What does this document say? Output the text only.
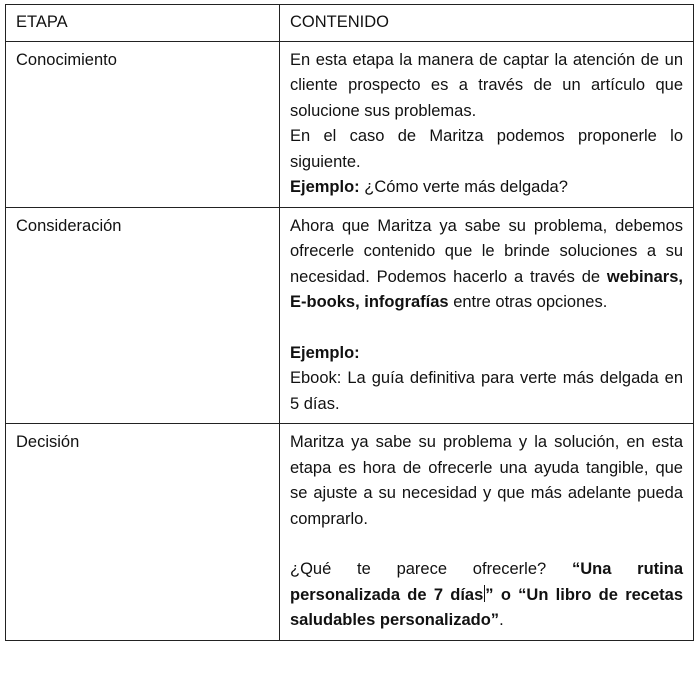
ETAPA	CONTENIDO
Conocimiento	En esta etapa la manera de captar la atención de un cliente prospecto es a través de un artículo que solucione sus problemas.

En el caso de Maritza podemos proponerle lo siguiente.

Ejemplo: ¿Cómo verte más delgada?

Consideración	Ahora que Maritza ya sabe su problema, debemos ofrecerle contenido que le brinde soluciones a su necesidad. Podemos hacerlo a través de webinars, E-books, infografías entre otras opciones.

Ejemplo:

Ebook: La guía definitiva para verte más delgada en 5 días.

Decisión	Maritza ya sabe su problema y la solución, en esta etapa es hora de ofrecerle una ayuda tangible, que se ajuste a su necesidad y que más adelante pueda comprarlo.

¿Qué te parece ofrecerle? “Una rutina personalizada de 7 días ” o “Un libro de recetas saludables personalizado”.
